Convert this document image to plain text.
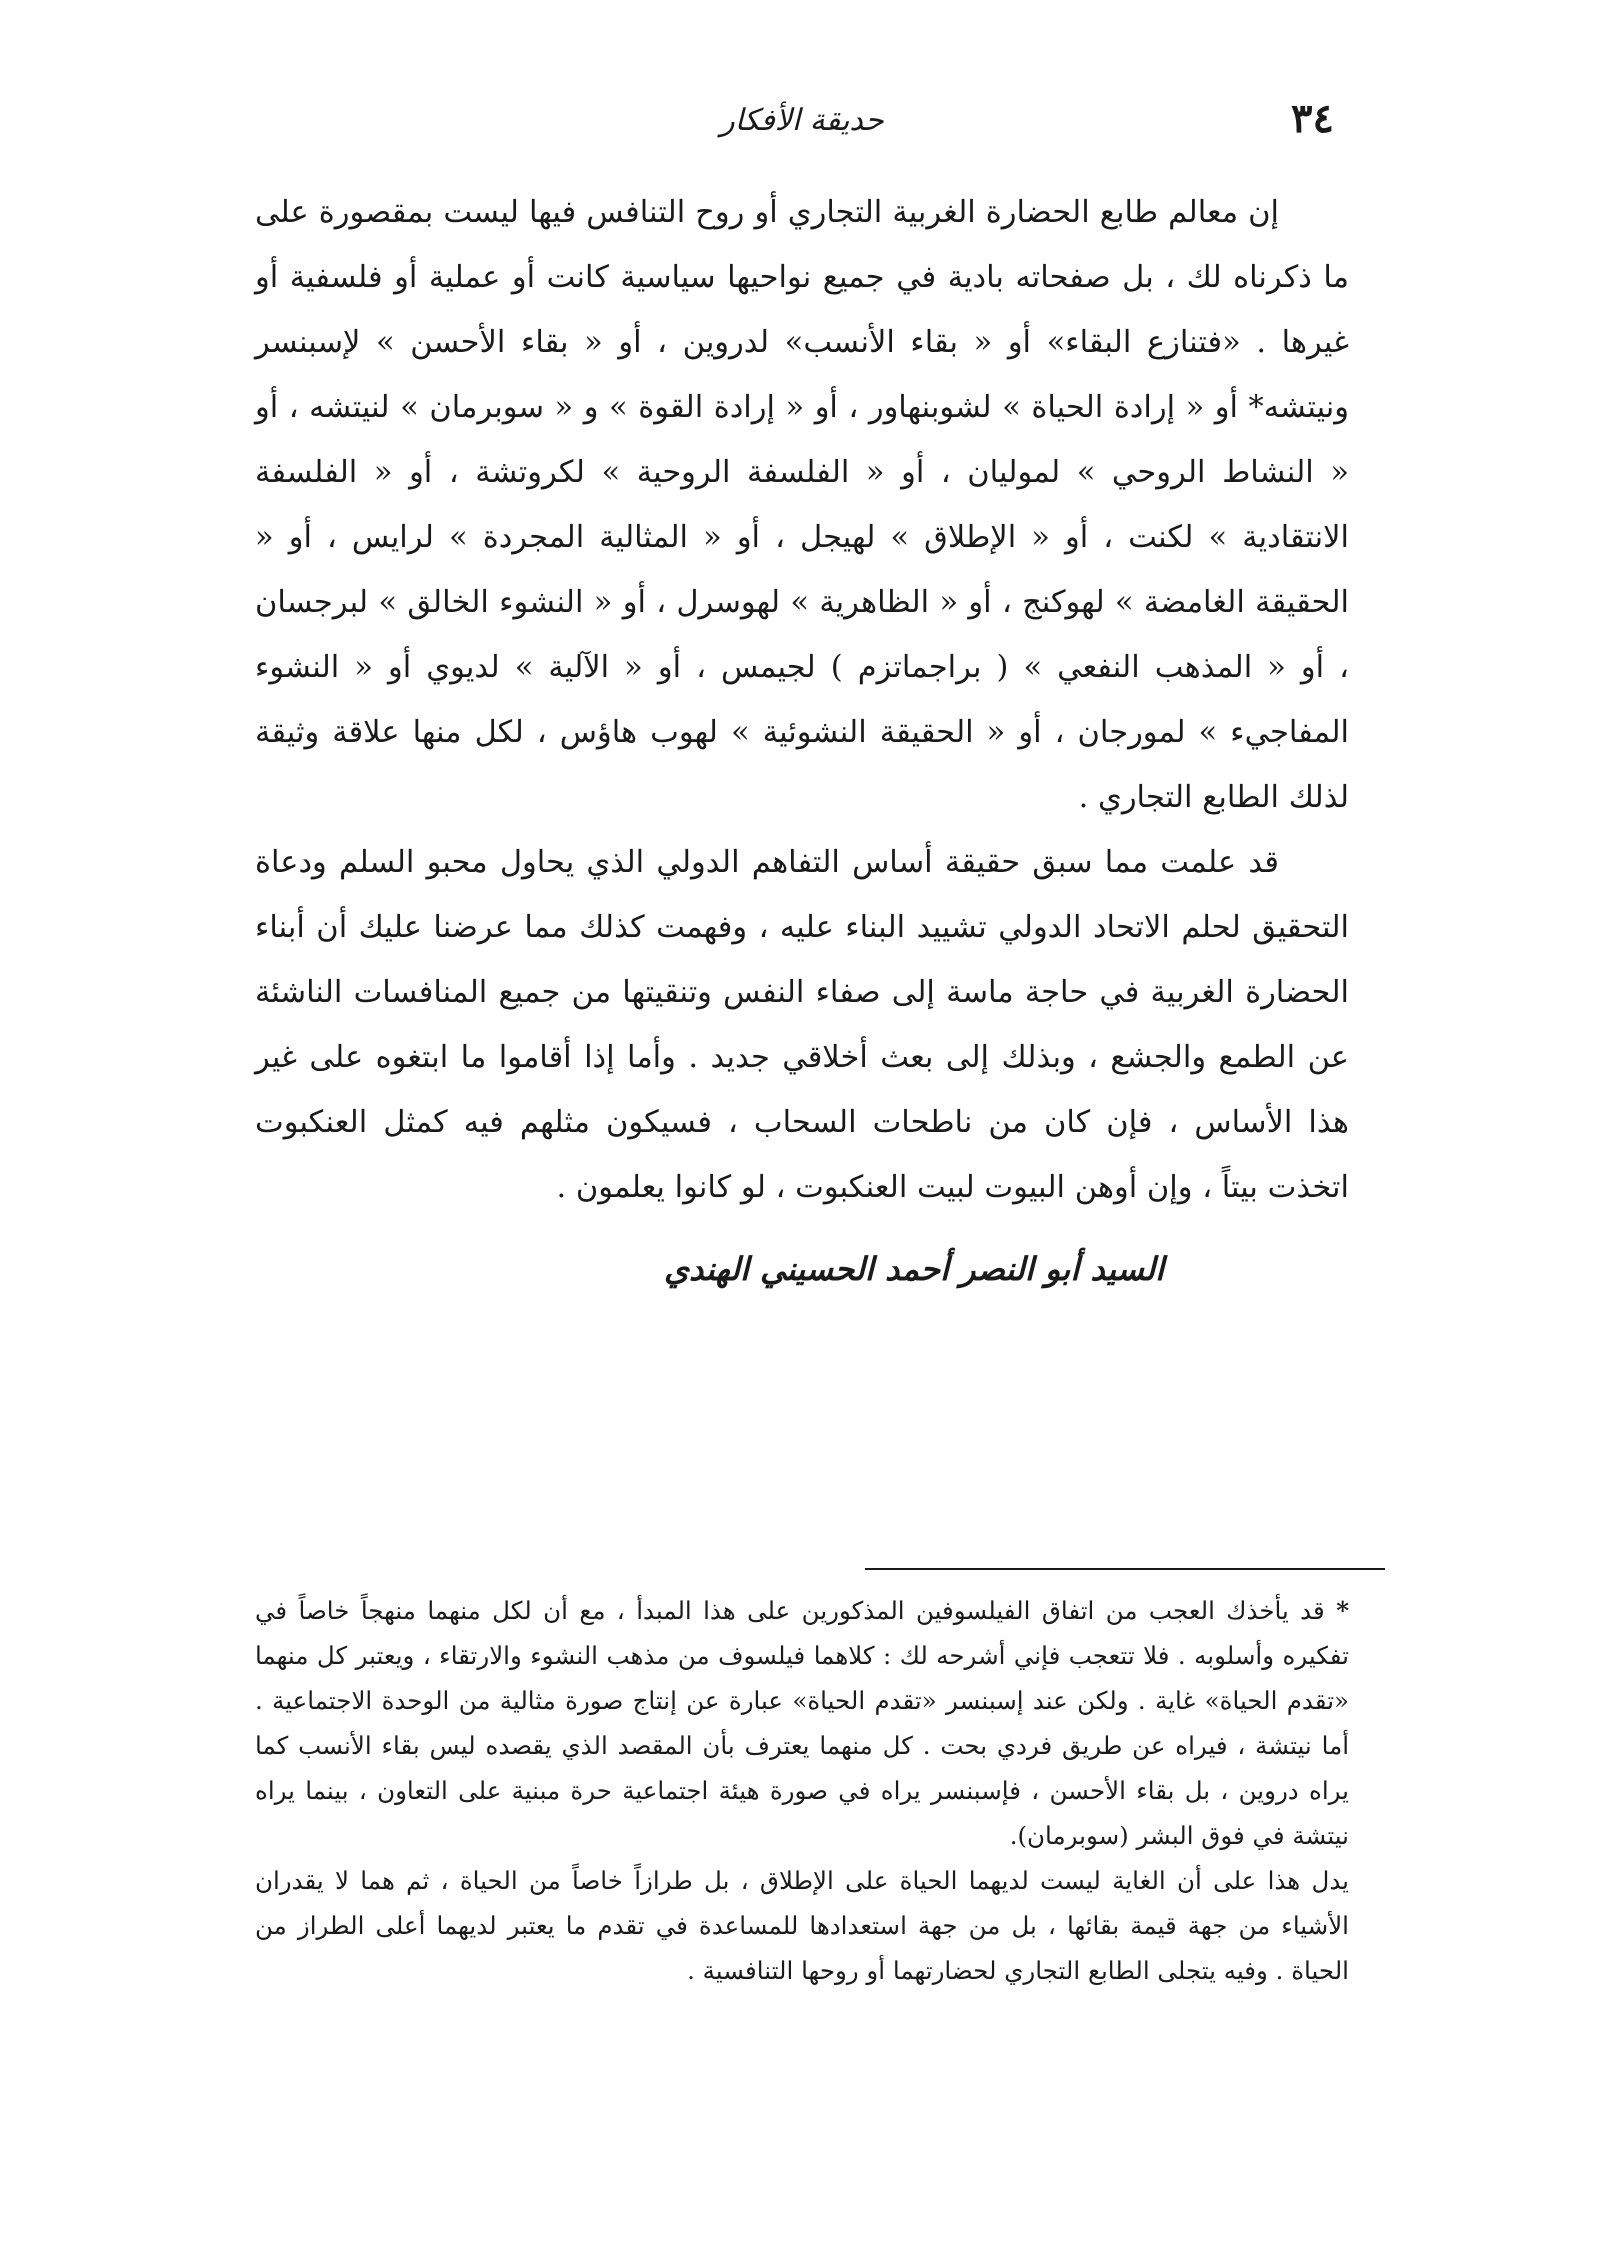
٣٤
حديقة الأفكار

إن معالم طابع الحضارة الغربية التجاري أو روح التنافس فيها ليست بمقصورة على ما ذكرناه لك ، بل صفحاته بادية في جميع نواحيها سياسية كانت أو عملية أو فلسفية أو غيرها . «فتنازع البقاء» أو « بقاء الأنسب» لدروين ، أو « بقاء الأحسن » لإسبنسر ونيتشه* أو « إرادة الحياة » لشوبنهاور ، أو « إرادة القوة » و « سوبرمان » لنيتشه ، أو « النشاط الروحي » لموليان ، أو « الفلسفة الروحية » لكروتشة ، أو « الفلسفة الانتقادية » لكنت ، أو « الإطلاق » لهيجل ، أو « المثالية المجردة » لرايس ، أو « الحقيقة الغامضة » لهوكنج ، أو « الظاهرية » لهوسرل ، أو « النشوء الخالق » لبرجسان ، أو « المذهب النفعي » ( براجماتزم ) لجيمس ، أو « الآلية » لديوي أو « النشوء المفاجيء » لمورجان ، أو « الحقيقة النشوئية » لهوب هاؤس ، لكل منها علاقة وثيقة لذلك الطابع التجاري .

قد علمت مما سبق حقيقة أساس التفاهم الدولي الذي يحاول محبو السلم ودعاة التحقيق لحلم الاتحاد الدولي تشييد البناء عليه ، وفهمت كذلك مما عرضنا عليك أن أبناء الحضارة الغربية في حاجة ماسة إلى صفاء النفس وتنقيتها من جميع المنافسات الناشئة عن الطمع والجشع ، وبذلك إلى بعث أخلاقي جديد . وأما إذا أقاموا ما ابتغوه على غير هذا الأساس ، فإن كان من ناطحات السحاب ، فسيكون مثلهم فيه كمثل العنكبوت اتخذت بيتاً ، وإن أوهن البيوت لبيت العنكبوت ، لو كانوا يعلمون .

السيد أبو النصر أحمد الحسيني الهندي

* قد يأخذك العجب من اتفاق الفيلسوفين المذكورين على هذا المبدأ ، مع أن لكل منهما منهجاً خاصاً في تفكيره وأسلوبه . فلا تتعجب فإني أشرحه لك : كلاهما فيلسوف من مذهب النشوء والارتقاء ، ويعتبر كل منهما «تقدم الحياة» غاية . ولكن عند إسبنسر «تقدم الحياة» عبارة عن إنتاج صورة مثالية من الوحدة الاجتماعية . أما نيتشة ، فيراه عن طريق فردي بحت . كل منهما يعترف بأن المقصد الذي يقصده ليس بقاء الأنسب كما يراه دروين ، بل بقاء الأحسن ، فإسبنسر يراه في صورة هيئة اجتماعية حرة مبنية على التعاون ، بينما يراه نيتشة في فوق البشر (سوبرمان).

يدل هذا على أن الغاية ليست لديهما الحياة على الإطلاق ، بل طرازاً خاصاً من الحياة ، ثم هما لا يقدران الأشياء من جهة قيمة بقائها ، بل من جهة استعدادها للمساعدة في تقدم ما يعتبر لديهما أعلى الطراز من الحياة . وفيه يتجلى الطابع التجاري لحضارتهما أو روحها التنافسية .
